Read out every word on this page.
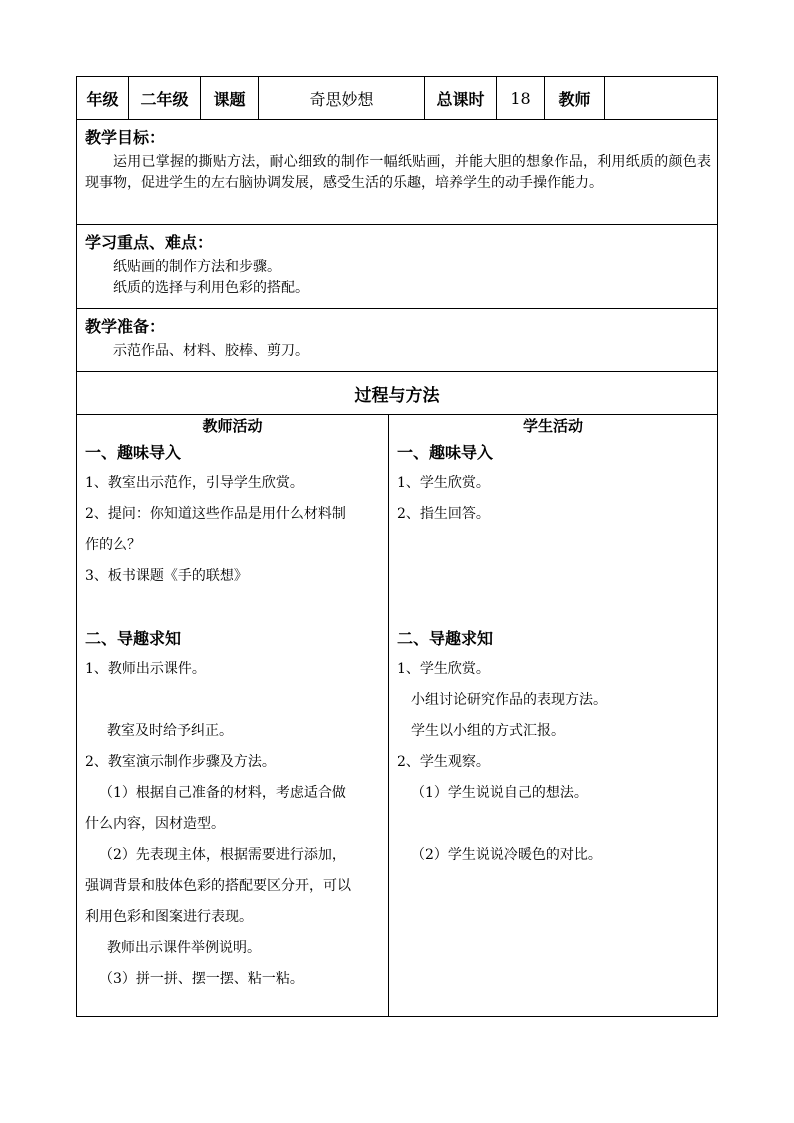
年级	二年级	课题	奇思妙想	总课时	18	教师
教学目标：
运用已掌握的撕贴方法，耐心细致的制作一幅纸贴画，并能大胆的想象作品，利用纸质的颜色表现事物，促进学生的左右脑协调发展，感受生活的乐趣，培养学生的动手操作能力。
学习重点、难点：
纸贴画的制作方法和步骤。
纸质的选择与利用色彩的搭配。
教学准备：
示范作品、材料、胶棒、剪刀。
过程与方法
教师活动
一、趣味导入
1、教室出示范作，引导学生欣赏。
2、提问：你知道这些作品是用什么材料制
作的么？
3、板书课题《手的联想》
二、导趣求知
1、教师出示课件。
教室及时给予纠正。
2、教室演示制作步骤及方法。
（1）根据自己准备的材料，考虑适合做
什么内容，因材造型。
（2）先表现主体，根据需要进行添加，
强调背景和肢体色彩的搭配要区分开，可以
利用色彩和图案进行表现。
教师出示课件举例说明。
（3）拼一拼、摆一摆、粘一粘。
学生活动
一、趣味导入
1、学生欣赏。
2、指生回答。
二、导趣求知
1、学生欣赏。
小组讨论研究作品的表现方法。
学生以小组的方式汇报。
2、学生观察。
（1）学生说说自己的想法。
（2）学生说说冷暖色的对比。
